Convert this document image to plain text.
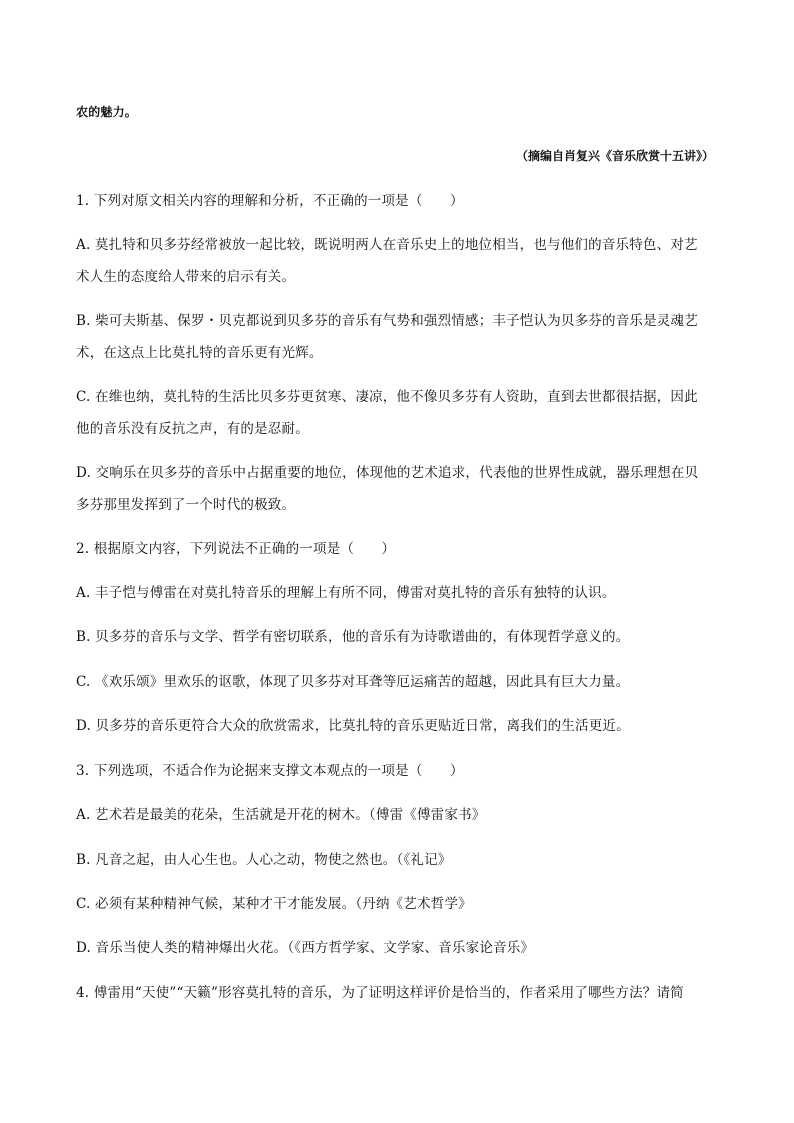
农的魅力。
（摘编自肖复兴《音乐欣赏十五讲》）
1. 下列对原文相关内容的理解和分析，不正确的一项是（　　）
A. 莫扎特和贝多芬经常被放一起比较，既说明两人在音乐史上的地位相当，也与他们的音乐特色、对艺
术人生的态度给人带来的启示有关。
B. 柴可夫斯基、保罗・贝克都说到贝多芬的音乐有气势和强烈情感；丰子恺认为贝多芬的音乐是灵魂艺
术，在这点上比莫扎特的音乐更有光辉。
C. 在维也纳，莫扎特的生活比贝多芬更贫寒、凄凉，他不像贝多芬有人资助，直到去世都很拮据，因此
他的音乐没有反抗之声，有的是忍耐。
D. 交响乐在贝多芬的音乐中占据重要的地位，体现他的艺术追求，代表他的世界性成就，器乐理想在贝
多芬那里发挥到了一个时代的极致。
2. 根据原文内容，下列说法不正确的一项是（　　）
A. 丰子恺与傅雷在对莫扎特音乐的理解上有所不同，傅雷对莫扎特的音乐有独特的认识。
B. 贝多芬的音乐与文学、哲学有密切联系，他的音乐有为诗歌谱曲的，有体现哲学意义的。
C. 《欢乐颂》里欢乐的讴歌，体现了贝多芬对耳聋等厄运痛苦的超越，因此具有巨大力量。
D. 贝多芬的音乐更符合大众的欣赏需求，比莫扎特的音乐更贴近日常，离我们的生活更近。
3. 下列选项，不适合作为论据来支撑文本观点的一项是（　　）
A. 艺术若是最美的花朵，生活就是开花的树木。（傅雷《傅雷家书》
B. 凡音之起，由人心生也。人心之动，物使之然也。（《礼记》
C. 必须有某种精神气候，某种才干才能发展。（丹纳《艺术哲学》
D. 音乐当使人类的精神爆出火花。（《西方哲学家、文学家、音乐家论音乐》
4. 傅雷用“天使”“天籁”形容莫扎特的音乐，为了证明这样评价是恰当的，作者采用了哪些方法？请简
